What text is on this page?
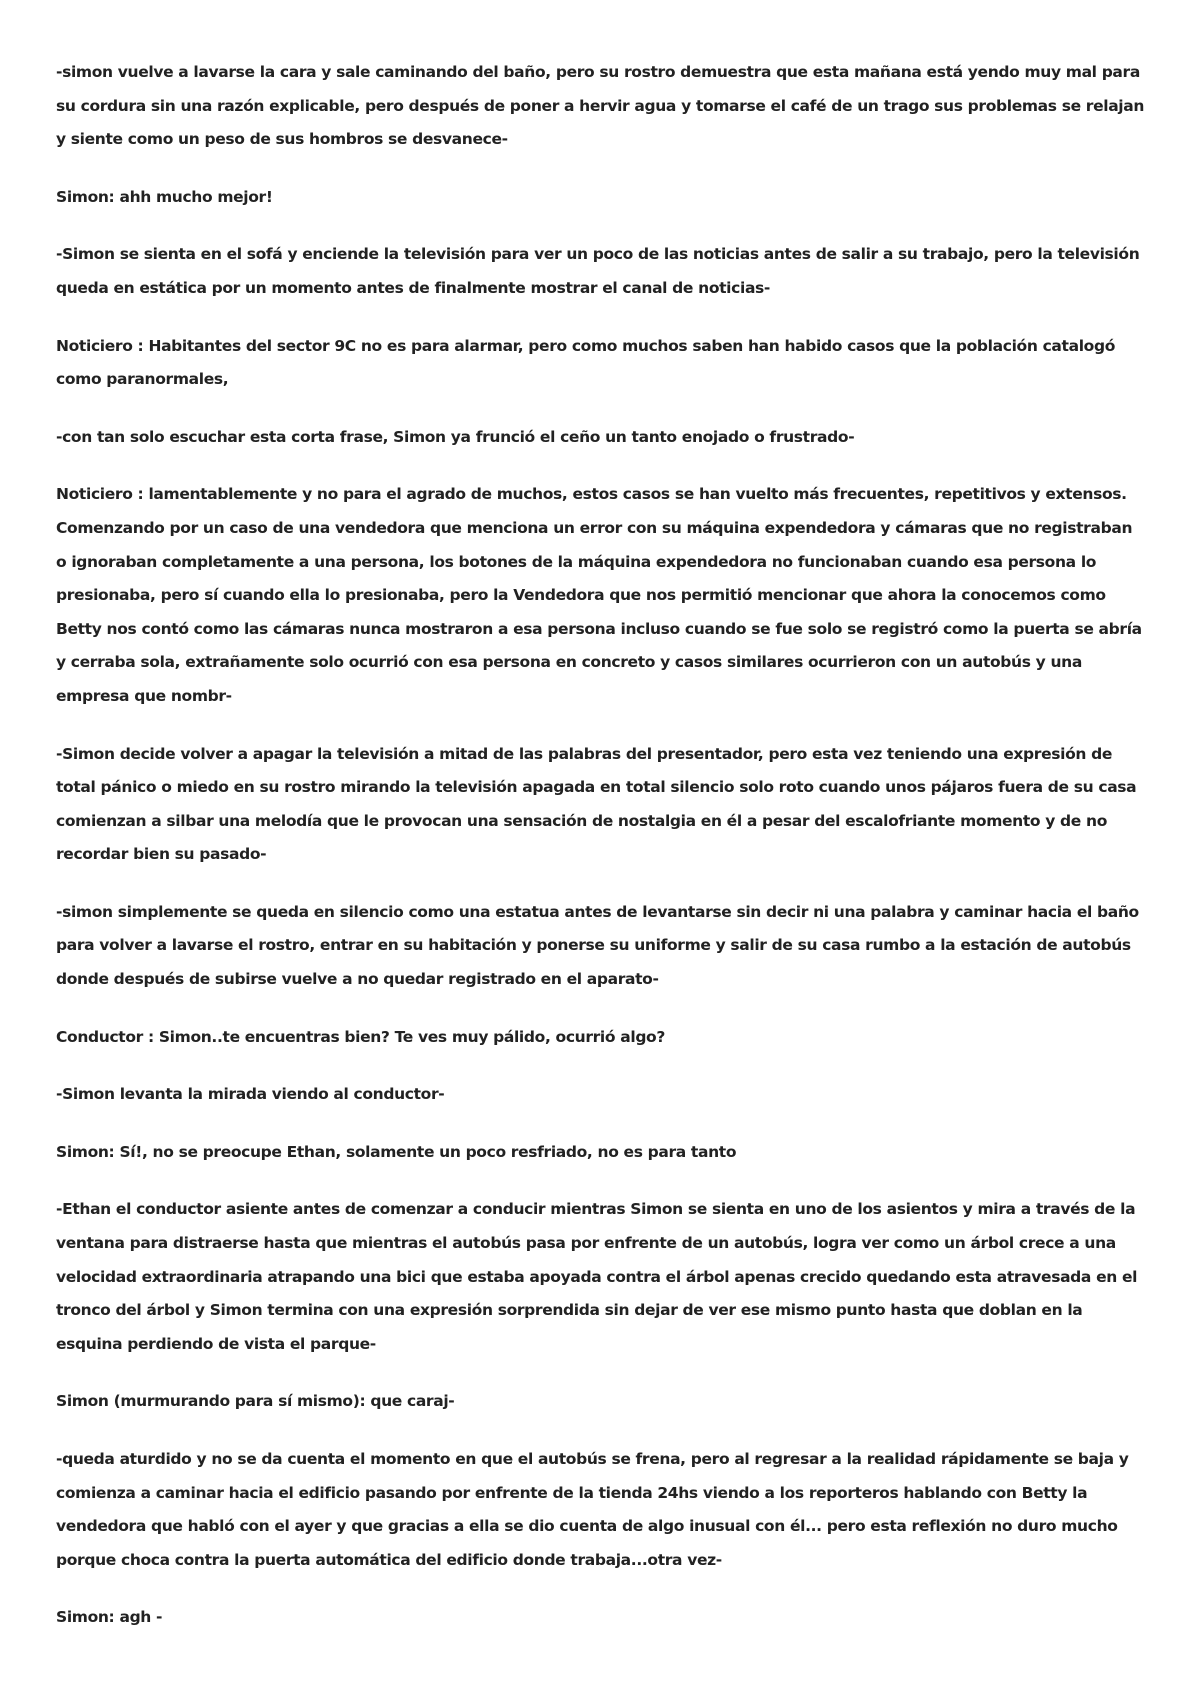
-simon vuelve a lavarse la cara y sale caminando del baño, pero su rostro demuestra que esta mañana está yendo muy mal para su cordura sin una razón explicable, pero después de poner a hervir agua y tomarse el café de un trago sus problemas se relajan y siente como un peso de sus hombros se desvanece-

Simon: ahh mucho mejor!

-Simon se sienta en el sofá y enciende la televisión para ver un poco de las noticias antes de salir a su trabajo, pero la televisión queda en estática por un momento antes de finalmente mostrar el canal de noticias-

Noticiero : Habitantes del sector 9C no es para alarmar, pero como muchos saben han habido casos que la población catalogó como paranormales,

-con tan solo escuchar esta corta frase, Simon ya frunció el ceño un tanto enojado o frustrado-

Noticiero : lamentablemente y no para el agrado de muchos, estos casos se han vuelto más frecuentes, repetitivos y extensos. Comenzando por un caso de una vendedora que menciona un error con su máquina expendedora y cámaras que no registraban o ignoraban completamente a una persona, los botones de la máquina expendedora no funcionaban cuando esa persona lo presionaba, pero sí cuando ella lo presionaba, pero la Vendedora que nos permitió mencionar que ahora la conocemos como Betty nos contó como las cámaras nunca mostraron a esa persona incluso cuando se fue solo se registró como la puerta se abría y cerraba sola, extrañamente solo ocurrió con esa persona en concreto y casos similares ocurrieron con un autobús y una empresa que nombr-

-Simon decide volver a apagar la televisión a mitad de las palabras del presentador, pero esta vez teniendo una expresión de total pánico o miedo en su rostro mirando la televisión apagada en total silencio solo roto cuando unos pájaros fuera de su casa comienzan a silbar una melodía que le provocan una sensación de nostalgia en él a pesar del escalofriante momento y de no recordar bien su pasado-

-simon simplemente se queda en silencio como una estatua antes de levantarse sin decir ni una palabra y caminar hacia el baño para volver a lavarse el rostro, entrar en su habitación y ponerse su uniforme y salir de su casa rumbo a la estación de autobús donde después de subirse vuelve a no quedar registrado en el aparato-

Conductor : Simon..te encuentras bien? Te ves muy pálido, ocurrió algo?

-Simon levanta la mirada viendo al conductor-

Simon: Sí!, no se preocupe Ethan, solamente un poco resfriado, no es para tanto

-Ethan el conductor asiente antes de comenzar a conducir mientras Simon se sienta en uno de los asientos y mira a través de la ventana para distraerse hasta que mientras el autobús pasa por enfrente de un autobús, logra ver como un árbol crece a una velocidad extraordinaria atrapando una bici que estaba apoyada contra el árbol apenas crecido quedando esta atravesada en el tronco del árbol y Simon termina con una expresión sorprendida sin dejar de ver ese mismo punto hasta que doblan en la esquina perdiendo de vista el parque-

Simon (murmurando para sí mismo): que caraj-

-queda aturdido y no se da cuenta el momento en que el autobús se frena, pero al regresar a la realidad rápidamente se baja y comienza a caminar hacia el edificio pasando por enfrente de la tienda 24hs viendo a los reporteros hablando con Betty la vendedora que habló con el ayer y que gracias a ella se dio cuenta de algo inusual con él... pero esta reflexión no duro mucho porque choca contra la puerta automática del edificio donde trabaja...otra vez-

Simon: agh -
